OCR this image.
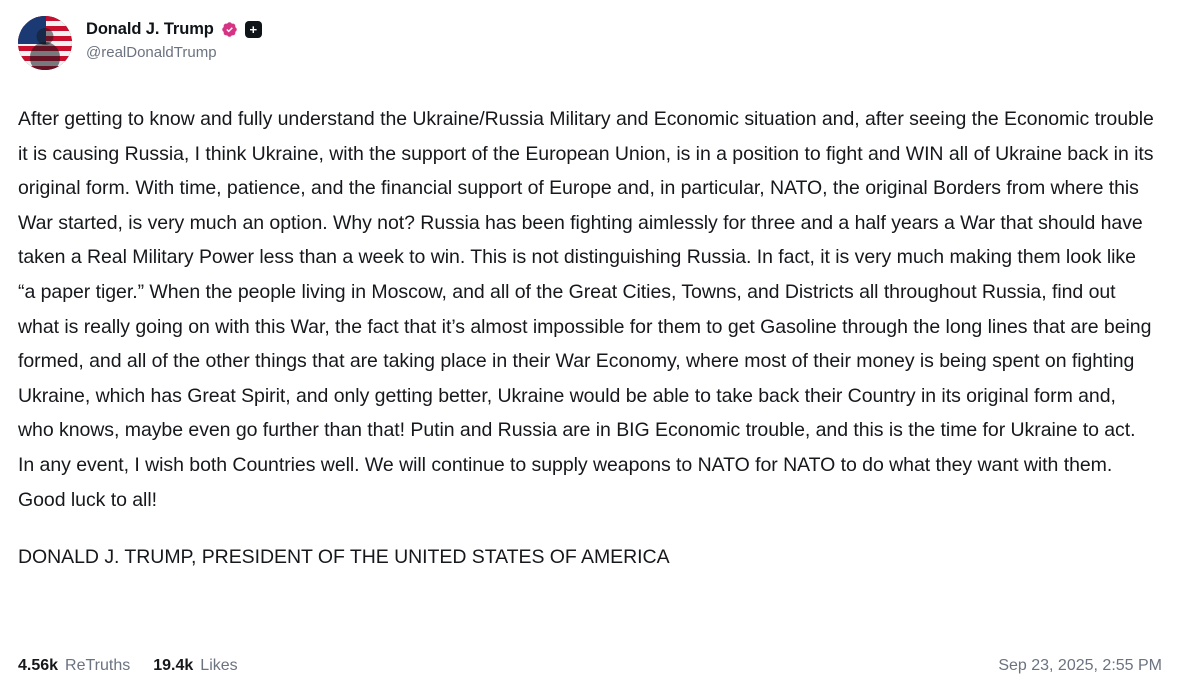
Donald J. Trump	+
@realDonaldTrump
After getting to know and fully understand the Ukraine/Russia Military and Economic situation and, after seeing the Economic trouble it is causing Russia, I think Ukraine, with the support of the European Union, is in a position to fight and WIN all of Ukraine back in its original form. With time, patience, and the financial support of Europe and, in particular, NATO, the original Borders from where this War started, is very much an option. Why not? Russia has been fighting aimlessly for three and a half years a War that should have taken a Real Military Power less than a week to win. This is not distinguishing Russia. In fact, it is very much making them look like “a paper tiger.” When the people living in Moscow, and all of the Great Cities, Towns, and Districts all throughout Russia, find out what is really going on with this War, the fact that it’s almost impossible for them to get Gasoline through the long lines that are being formed, and all of the other things that are taking place in their War Economy, where most of their money is being spent on fighting Ukraine, which has Great Spirit, and only getting better, Ukraine would be able to take back their Country in its original form and, who knows, maybe even go further than that! Putin and Russia are in BIG Economic trouble, and this is the time for Ukraine to act. In any event, I wish both Countries well. We will continue to supply weapons to NATO for NATO to do what they want with them. Good luck to all!
DONALD J. TRUMP, PRESIDENT OF THE UNITED STATES OF AMERICA
4.56k ReTruths 19.4k Likes	Sep 23, 2025, 2:55 PM
